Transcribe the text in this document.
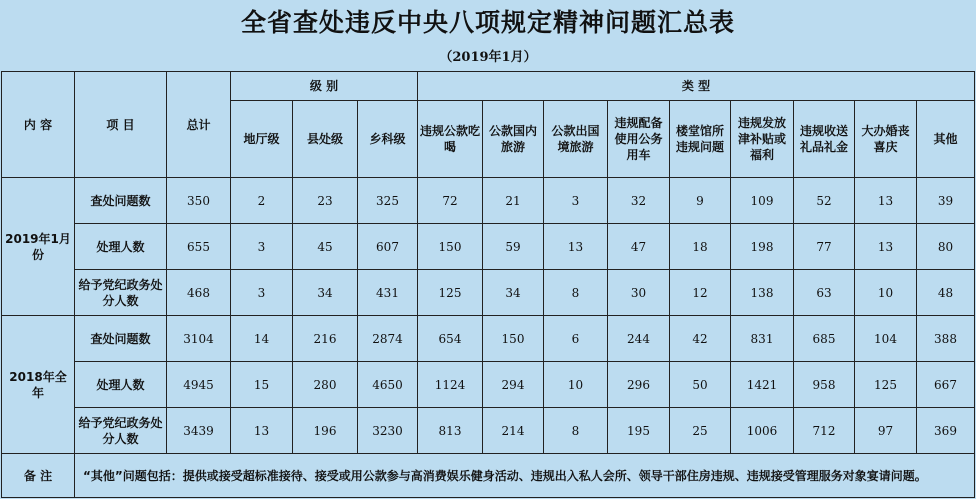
全省查处违反中央八项规定精神问题汇总表
（2019年1月）
内 容	项 目	总计	级 别			类 型								
			地厅级	县处级	乡科级	违规公款吃喝	公款国内旅游	公款出国境旅游	违规配备使用公务用车	楼堂馆所违规问题	违规发放津补贴或福利	违规收送礼品礼金	大办婚丧喜庆	其他
2019年1月份	查处问题数	350	2	23	325	72	21	3	32	9	109	52	13	39
	处理人数	655	3	45	607	150	59	13	47	18	198	77	13	80
	给予党纪政务处分人数	468	3	34	431	125	34	8	30	12	138	63	10	48
2018年全年	查处问题数	3104	14	216	2874	654	150	6	244	42	831	685	104	388
	处理人数	4945	15	280	4650	1124	294	10	296	50	1421	958	125	667
	给予党纪政务处分人数	3439	13	196	3230	813	214	8	195	25	1006	712	97	369
备 注	“其他”问题包括：提供或接受超标准接待、接受或用公款参与高消费娱乐健身活动、违规出入私人会所、领导干部住房违规、违规接受管理服务对象宴请问题。													
